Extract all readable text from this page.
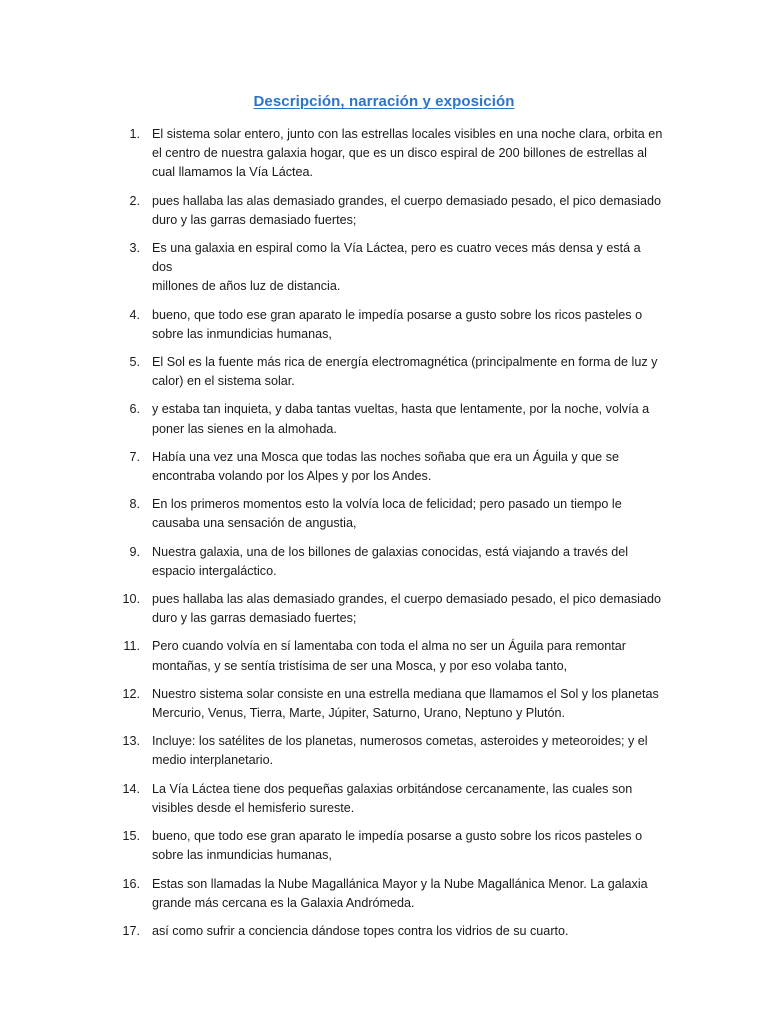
Descripción, narración y exposición
1. El sistema solar entero, junto con las estrellas locales visibles en una noche clara, orbita en
el centro de nuestra galaxia hogar, que es un disco espiral de 200 billones de estrellas al
cual llamamos la Vía Láctea.
2. pues hallaba las alas demasiado grandes, el cuerpo demasiado pesado, el pico demasiado
duro y las garras demasiado fuertes;
3. Es una galaxia en espiral como la Vía Láctea, pero es cuatro veces más densa y está a dos
millones de años luz de distancia.
4. bueno, que todo ese gran aparato le impedía posarse a gusto sobre los ricos pasteles o
sobre las inmundicias humanas,
5. El Sol es la fuente más rica de energía electromagnética (principalmente en forma de luz y
calor) en el sistema solar.
6. y estaba tan inquieta, y daba tantas vueltas, hasta que lentamente, por la noche, volvía a
poner las sienes en la almohada.
7. Había una vez una Mosca que todas las noches soñaba que era un Águila y que se
encontraba volando por los Alpes y por los Andes.
8. En los primeros momentos esto la volvía loca de felicidad; pero pasado un tiempo le
causaba una sensación de angustia,
9. Nuestra galaxia, una de los billones de galaxias conocidas, está viajando a través del
espacio intergaláctico.
10. pues hallaba las alas demasiado grandes, el cuerpo demasiado pesado, el pico demasiado
duro y las garras demasiado fuertes;
11. Pero cuando volvía en sí lamentaba con toda el alma no ser un Águila para remontar
montañas, y se sentía tristísima de ser una Mosca, y por eso volaba tanto,
12. Nuestro sistema solar consiste en una estrella mediana que llamamos el Sol y los planetas
Mercurio, Venus, Tierra, Marte, Júpiter, Saturno, Urano, Neptuno y Plutón.
13. Incluye: los satélites de los planetas, numerosos cometas, asteroides y meteoroides; y el
medio interplanetario.
14. La Vía Láctea tiene dos pequeñas galaxias orbitándose cercanamente, las cuales son
visibles desde el hemisferio sureste.
15. bueno, que todo ese gran aparato le impedía posarse a gusto sobre los ricos pasteles o
sobre las inmundicias humanas,
16. Estas son llamadas la Nube Magallánica Mayor y la Nube Magallánica Menor. La galaxia
grande más cercana es la Galaxia Andrómeda.
17. así como sufrir a conciencia dándose topes contra los vidrios de su cuarto.
